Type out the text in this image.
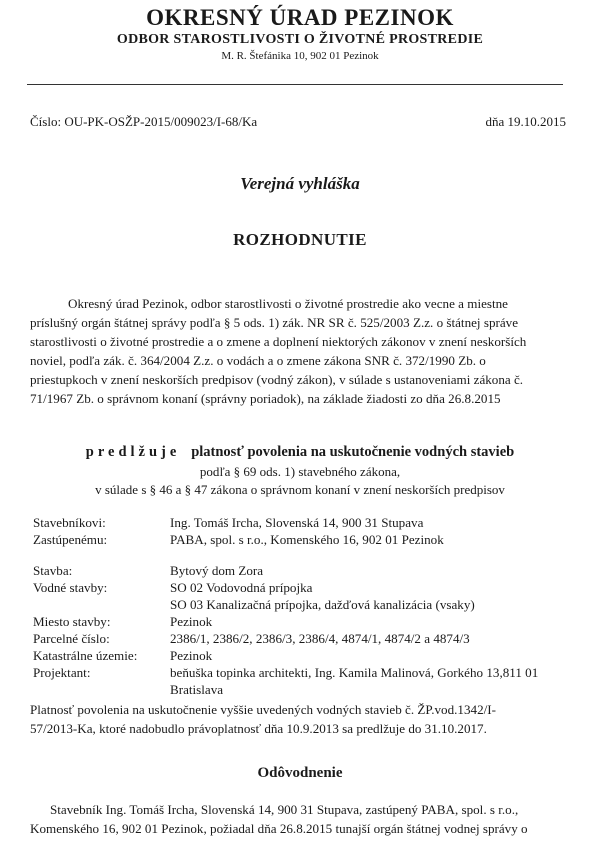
OKRESNÝ ÚRAD PEZINOK
ODBOR STAROSTLIVOSTI O ŽIVOTNÉ PROSTREDIE
M. R. Štefánika 10, 902 01 Pezinok
Číslo: OU-PK-OSŽP-2015/009023/I-68/Ka	dňa 19.10.2015
Verejná vyhláška
ROZHODNUTIE
Okresný úrad Pezinok, odbor starostlivosti o životné prostredie ako vecne a miestne
príslušný orgán štátnej správy podľa § 5 ods. 1) zák. NR SR č. 525/2003 Z.z. o štátnej správe
starostlivosti o životné prostredie a o zmene a doplnení niektorých zákonov v znení neskorších
noviel, podľa zák. č. 364/2004 Z.z. o vodách a o zmene zákona SNR č. 372/1990 Zb. o
priestupkoch v znení neskorších predpisov (vodný zákon), v súlade s ustanoveniami zákona č.
71/1967 Zb. o správnom konaní (správny poriadok), na základe žiadosti zo dňa 26.8.2015
predlžuje platnosť povolenia na uskutočnenie vodných stavieb
podľa § 69 ods. 1) stavebného zákona,
v súlade s § 46 a § 47 zákona o správnom konaní v znení neskorších predpisov
Stavebníkovi:	Ing. Tomáš Ircha, Slovenská 14, 900 31 Stupava
Zastúpenému:	PABA, spol. s r.o., Komenského 16, 902 01 Pezinok
Stavba:	Bytový dom Zora
Vodné stavby:	SO 02 Vodovodná prípojka
SO 03 Kanalizačná prípojka, dažďová kanalizácia (vsaky)
Miesto stavby:	Pezinok
Parcelné číslo:	2386/1, 2386/2, 2386/3, 2386/4, 4874/1, 4874/2 a 4874/3
Katastrálne územie: Pezinok
Projektant:	beňuška topinka architekti, Ing. Kamila Malinová, Gorkého 13,811 01
Bratislava
Platnosť povolenia na uskutočnenie vyššie uvedených vodných stavieb č. ŽP.vod.1342/I-
57/2013-Ka, ktoré nadobudlo právoplatnosť dňa 10.9.2013 sa predlžuje do 31.10.2017.
Odôvodnenie
Stavebník Ing. Tomáš Ircha, Slovenská 14, 900 31 Stupava, zastúpený PABA, spol. s r.o.,
Komenského 16, 902 01 Pezinok, požiadal dňa 26.8.2015 tunajší orgán štátnej vodnej správy o
